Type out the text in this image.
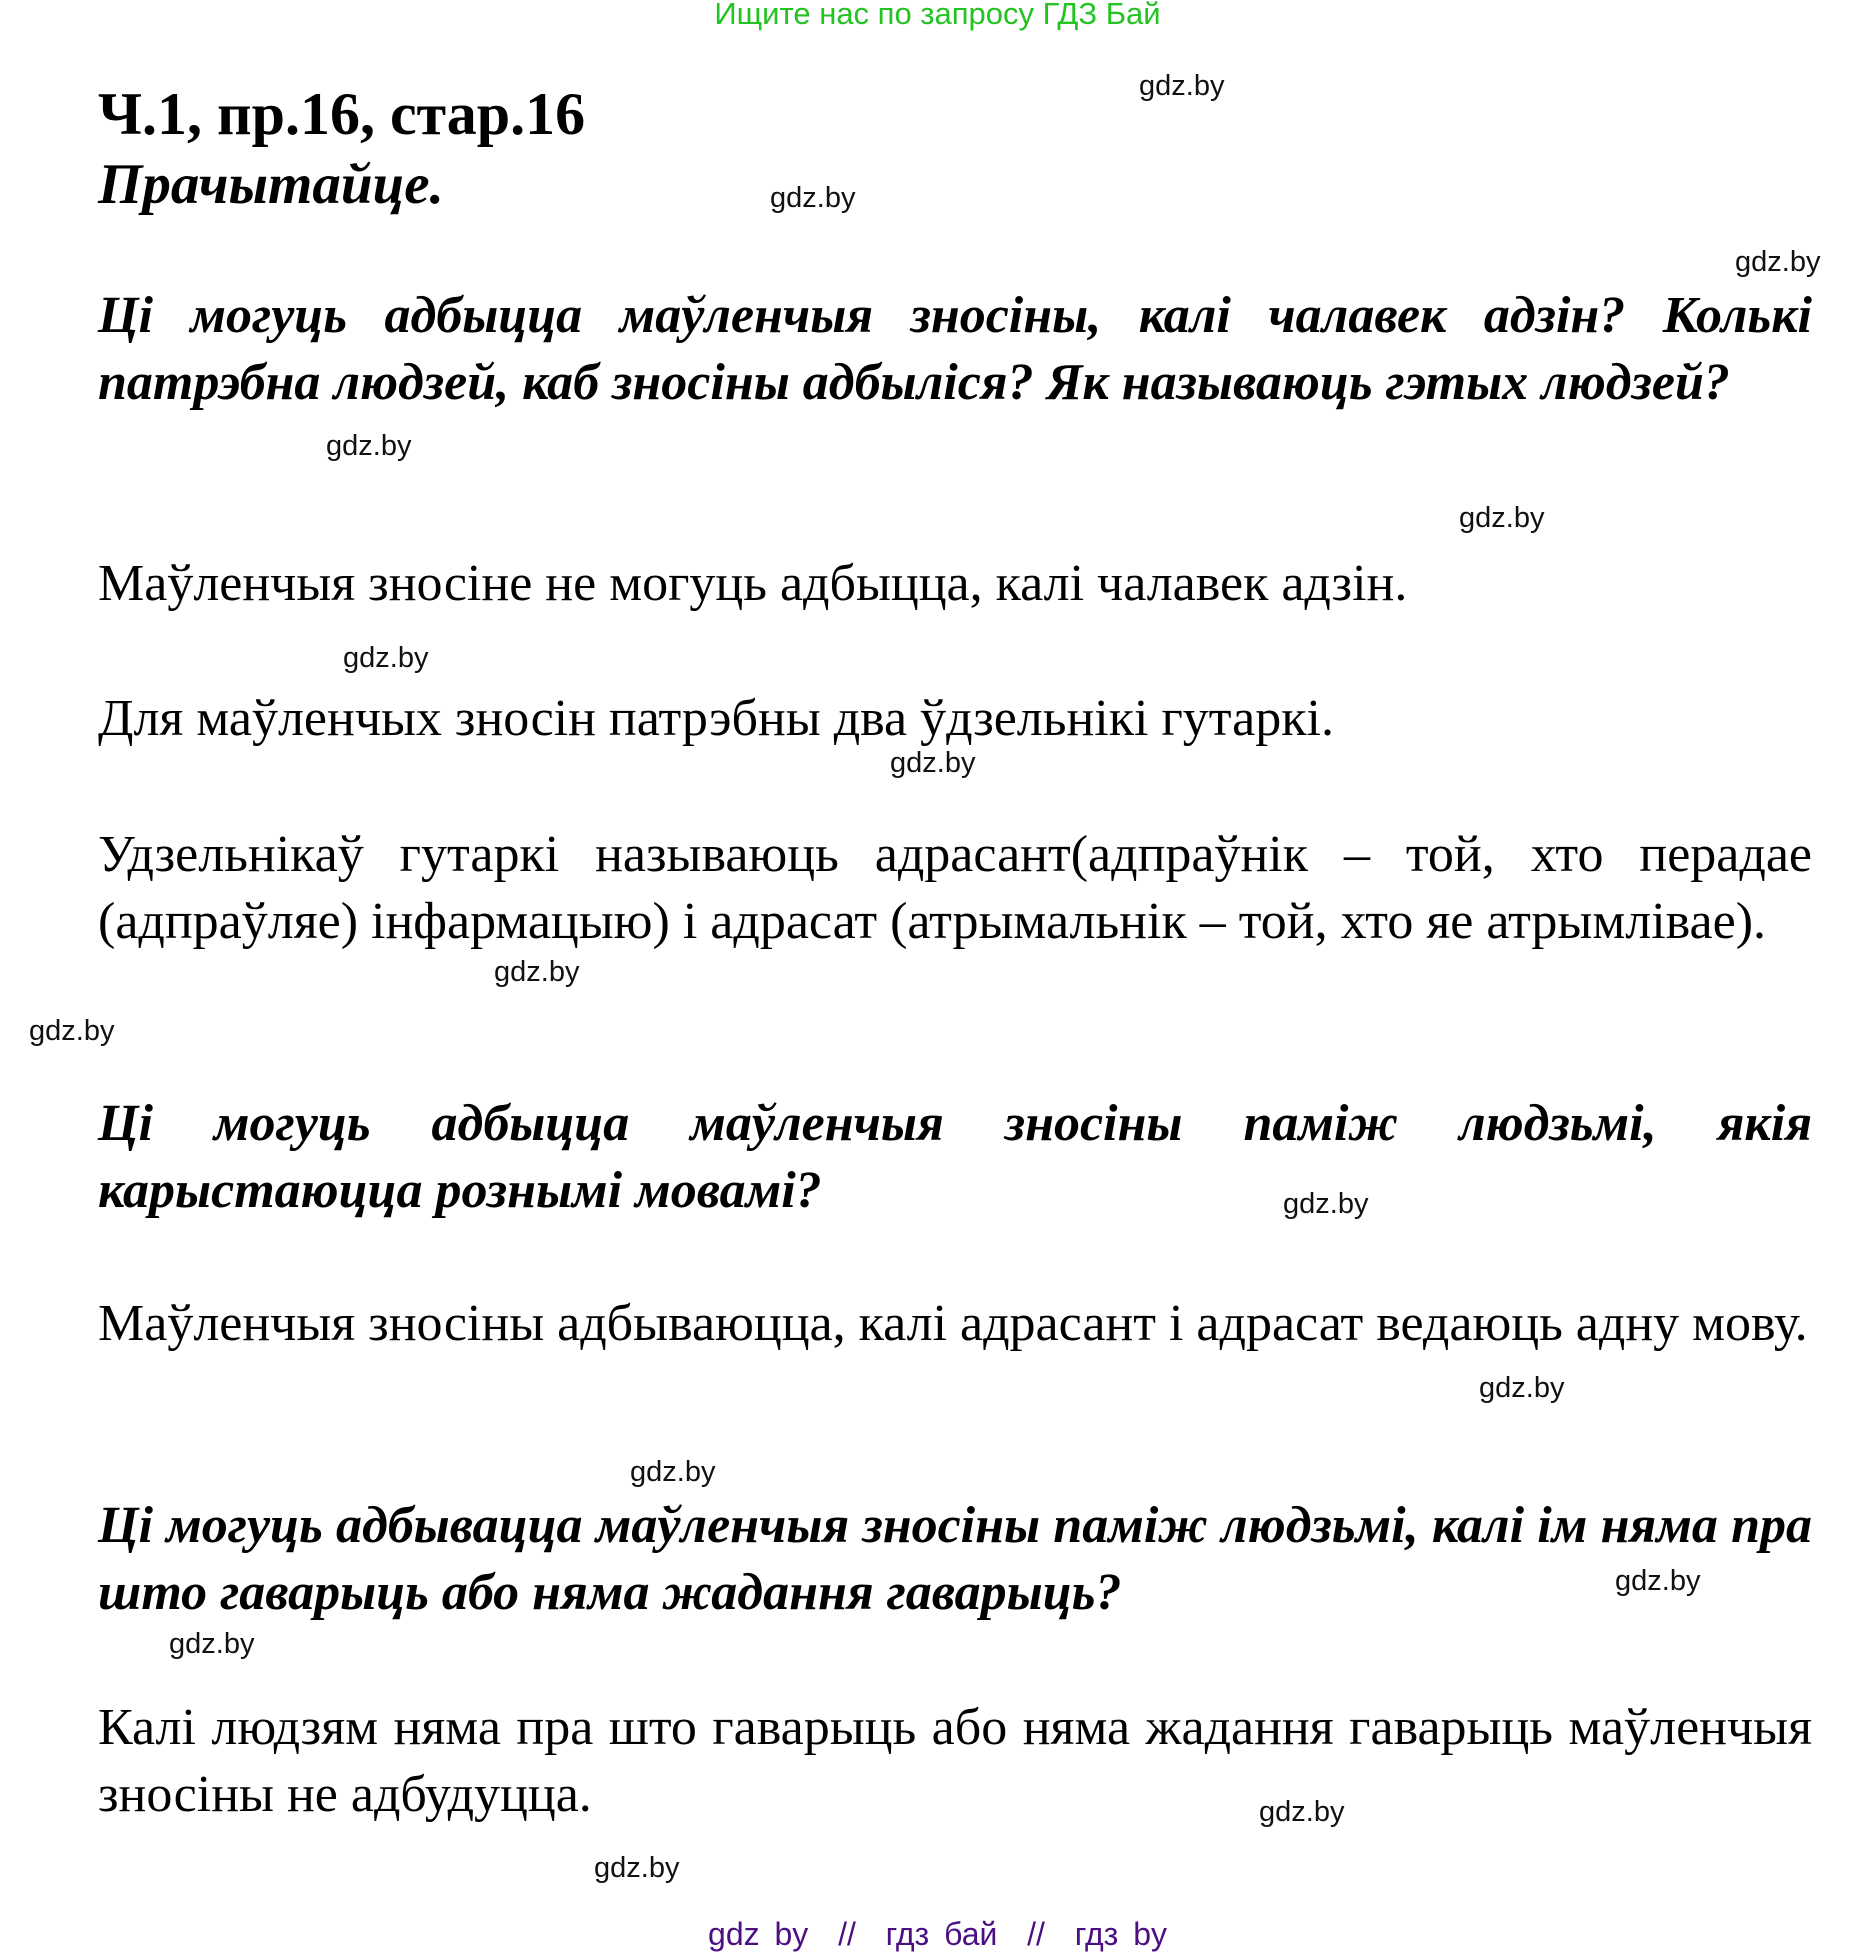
Ищите нас по запросу ГДЗ Бай
Ч.1, пр.16, стар.16
Прачытайце.
Ці могуць адбыцца маўленчыя зносіны, калі чалавек адзін? Колькі патрэбна людзей, каб зносіны адбыліся? Як называюць гэтых людзей?
Маўленчыя зносіне не могуць адбыцца, калі чалавек адзін.
Для маўленчых зносін патрэбны два ўдзельнікі гутаркі.
Удзельнікаў гутаркі называюць адрасант(адпраўнік – той, хто перадае (адпраўляе) інфармацыю) і адрасат (атрымальнік – той, хто яе атрымлівае).
Ці могуць адбыцца маўленчыя зносіны паміж людзьмі, якія карыстаюцца рознымі мовамі?
Маўленчыя зносіны адбываюцца, калі адрасант і адрасат ведаюць адну мову.
Ці могуць адбывацца маўленчыя зносіны паміж людзьмі, калі ім няма пра што гаварыць або няма жадання гаварыць?
Калі людзям няма пра што гаварыць або няма жадання гаварыць маўленчыя зносіны не адбудуцца.
gdz.by
gdz.by
gdz.by
gdz.by
gdz.by
gdz.by
gdz.by
gdz.by
gdz.by
gdz.by
gdz.by
gdz.by
gdz.by
gdz.by
gdz.by
gdz.by
gdz by  //  гдз бай  //  гдз by
